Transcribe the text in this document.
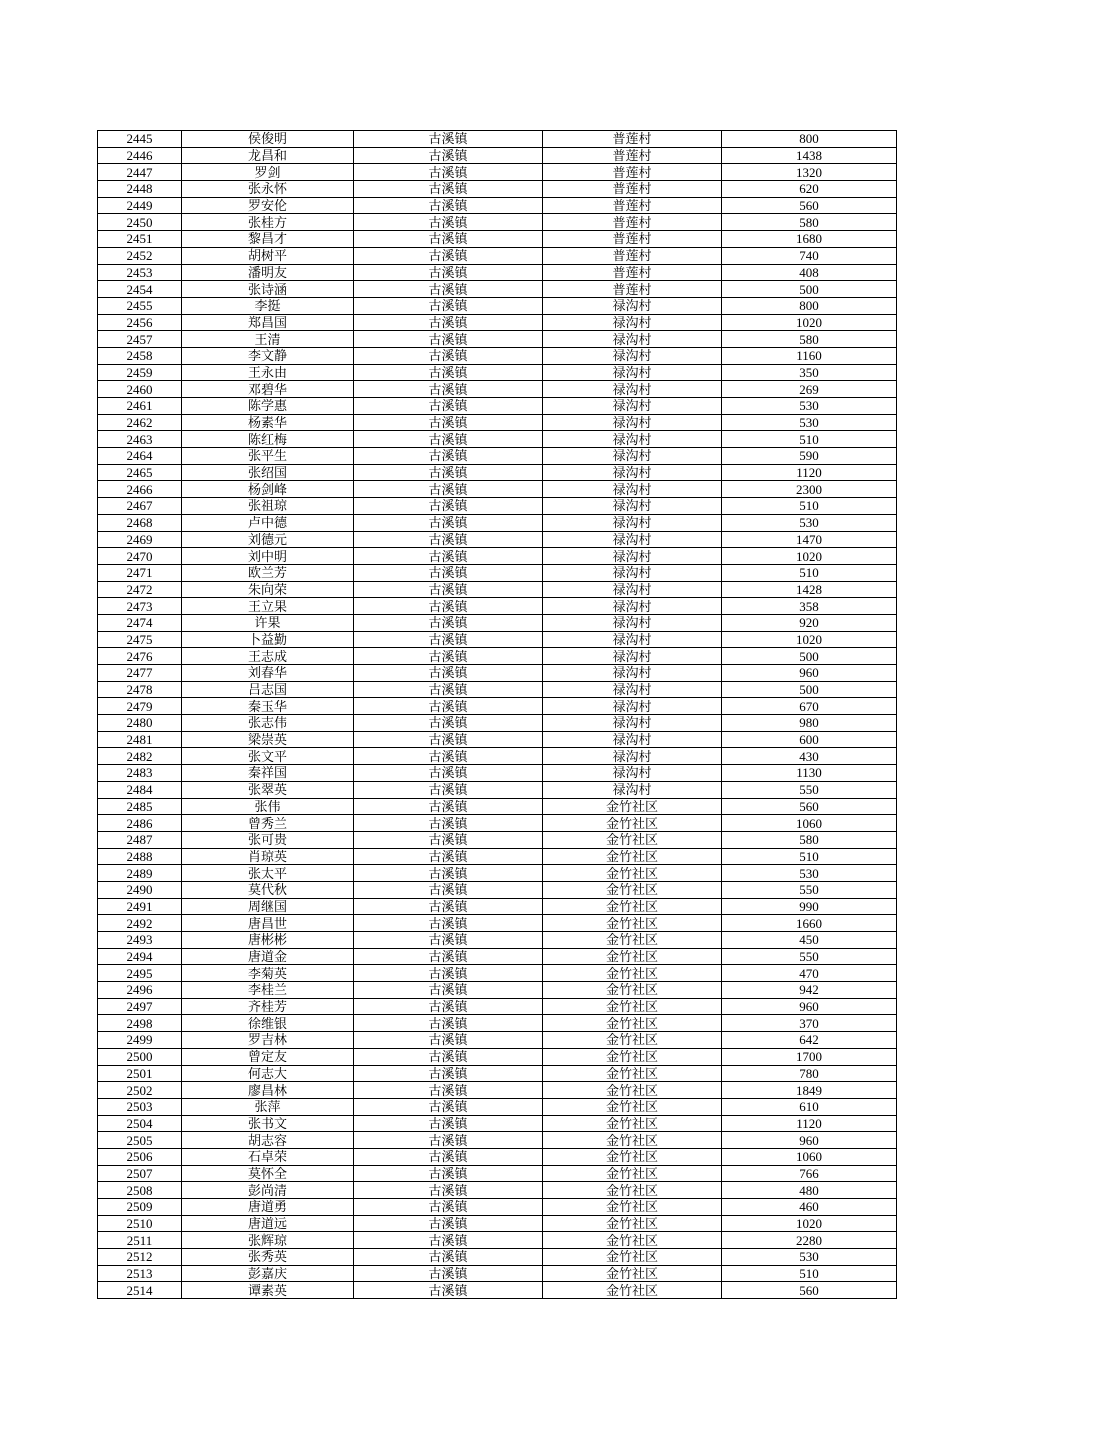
2445	侯俊明	古溪镇	普莲村	800
2446	龙昌和	古溪镇	普莲村	1438
2447	罗剑	古溪镇	普莲村	1320
2448	张永怀	古溪镇	普莲村	620
2449	罗安伦	古溪镇	普莲村	560
2450	张桂方	古溪镇	普莲村	580
2451	黎昌才	古溪镇	普莲村	1680
2452	胡树平	古溪镇	普莲村	740
2453	潘明友	古溪镇	普莲村	408
2454	张诗涵	古溪镇	普莲村	500
2455	李挺	古溪镇	禄沟村	800
2456	郑昌国	古溪镇	禄沟村	1020
2457	王清	古溪镇	禄沟村	580
2458	李文静	古溪镇	禄沟村	1160
2459	王永由	古溪镇	禄沟村	350
2460	邓碧华	古溪镇	禄沟村	269
2461	陈学惠	古溪镇	禄沟村	530
2462	杨素华	古溪镇	禄沟村	530
2463	陈红梅	古溪镇	禄沟村	510
2464	张平生	古溪镇	禄沟村	590
2465	张绍国	古溪镇	禄沟村	1120
2466	杨剑峰	古溪镇	禄沟村	2300
2467	张祖琼	古溪镇	禄沟村	510
2468	卢中德	古溪镇	禄沟村	530
2469	刘德元	古溪镇	禄沟村	1470
2470	刘中明	古溪镇	禄沟村	1020
2471	欧兰芳	古溪镇	禄沟村	510
2472	朱向荣	古溪镇	禄沟村	1428
2473	王立果	古溪镇	禄沟村	358
2474	许果	古溪镇	禄沟村	920
2475	卜益勤	古溪镇	禄沟村	1020
2476	王志成	古溪镇	禄沟村	500
2477	刘春华	古溪镇	禄沟村	960
2478	吕志国	古溪镇	禄沟村	500
2479	秦玉华	古溪镇	禄沟村	670
2480	张志伟	古溪镇	禄沟村	980
2481	梁崇英	古溪镇	禄沟村	600
2482	张文平	古溪镇	禄沟村	430
2483	秦祥国	古溪镇	禄沟村	1130
2484	张翠英	古溪镇	禄沟村	550
2485	张伟	古溪镇	金竹社区	560
2486	曾秀兰	古溪镇	金竹社区	1060
2487	张可贵	古溪镇	金竹社区	580
2488	肖琼英	古溪镇	金竹社区	510
2489	张太平	古溪镇	金竹社区	530
2490	莫代秋	古溪镇	金竹社区	550
2491	周继国	古溪镇	金竹社区	990
2492	唐昌世	古溪镇	金竹社区	1660
2493	唐彬彬	古溪镇	金竹社区	450
2494	唐道金	古溪镇	金竹社区	550
2495	李菊英	古溪镇	金竹社区	470
2496	李桂兰	古溪镇	金竹社区	942
2497	齐桂芳	古溪镇	金竹社区	960
2498	徐维银	古溪镇	金竹社区	370
2499	罗吉林	古溪镇	金竹社区	642
2500	曾定友	古溪镇	金竹社区	1700
2501	何志大	古溪镇	金竹社区	780
2502	廖昌林	古溪镇	金竹社区	1849
2503	张萍	古溪镇	金竹社区	610
2504	张书文	古溪镇	金竹社区	1120
2505	胡志容	古溪镇	金竹社区	960
2506	石卓荣	古溪镇	金竹社区	1060
2507	莫怀全	古溪镇	金竹社区	766
2508	彭尚清	古溪镇	金竹社区	480
2509	唐道勇	古溪镇	金竹社区	460
2510	唐道远	古溪镇	金竹社区	1020
2511	张辉琼	古溪镇	金竹社区	2280
2512	张秀英	古溪镇	金竹社区	530
2513	彭嘉庆	古溪镇	金竹社区	510
2514	谭素英	古溪镇	金竹社区	560
